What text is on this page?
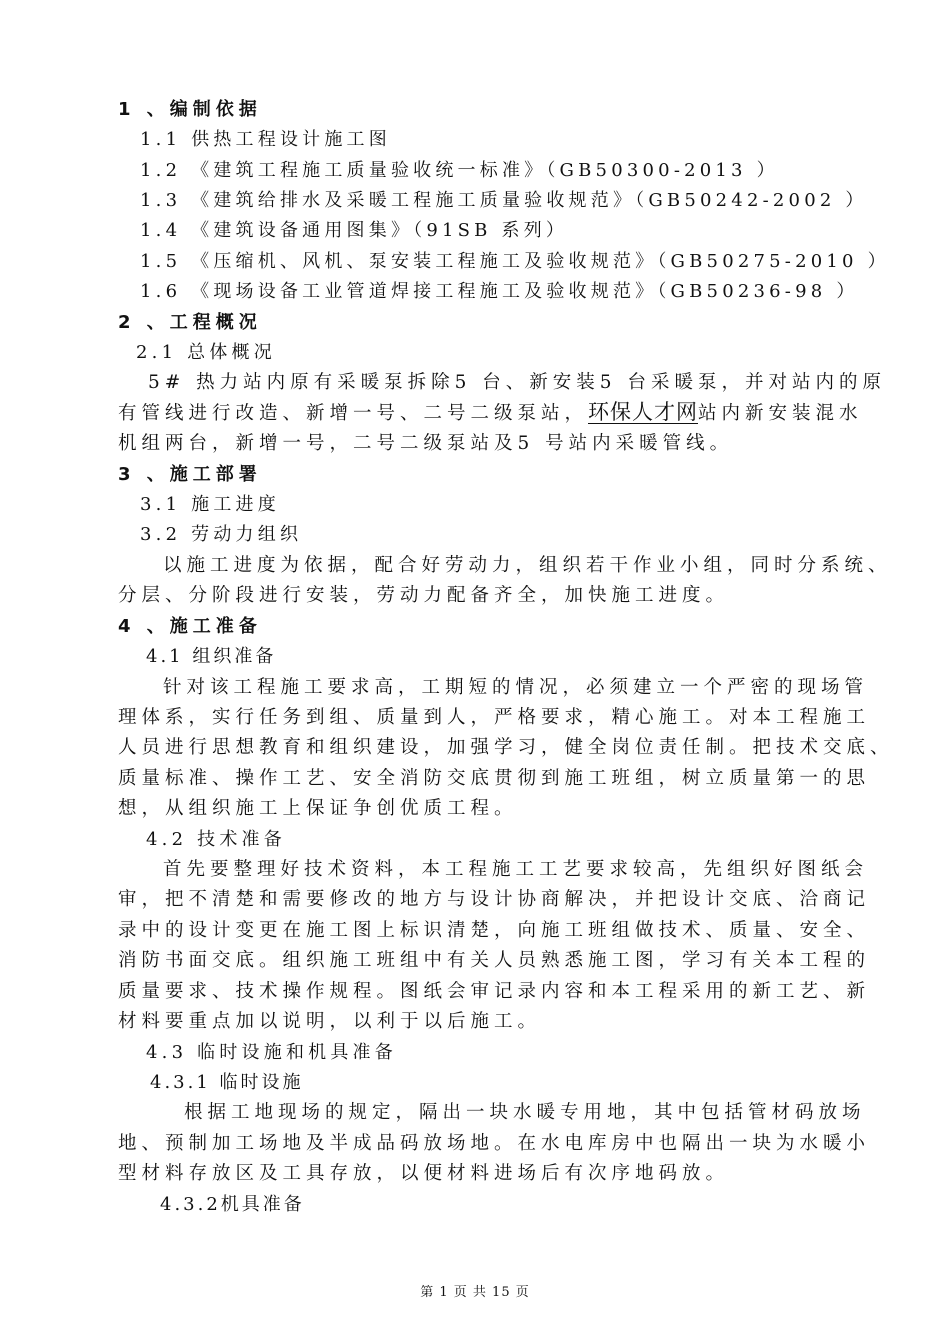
1 、编制依据
1.1 供热工程设计施工图
1.2 《建筑工程施工质量验收统一标准》（GB50300-2013 ）
1.3 《建筑给排水及采暖工程施工质量验收规范》（GB50242-2002 ）
1.4 《建筑设备通用图集》（91SB 系列）
1.5 《压缩机、风机、泵安装工程施工及验收规范》（GB50275-2010 ）
1.6 《现场设备工业管道焊接工程施工及验收规范》（GB50236-98 ）
2 、工程概况
2.1 总体概况
5# 热力站内原有采暖泵拆除5 台、新安装5 台采暖泵，并对站内的原
有管线进行改造、新增一号、二号二级泵站，环保人才网站内新安装混水
机组两台，新增一号，二号二级泵站及5 号站内采暖管线。
3 、施工部署
3.1 施工进度
3.2 劳动力组织
以施工进度为依据，配合好劳动力，组织若干作业小组，同时分系统、
分层、分阶段进行安装，劳动力配备齐全，加快施工进度。
4 、施工准备
4.1 组织准备
针对该工程施工要求高，工期短的情况，必须建立一个严密的现场管
理体系，实行任务到组、质量到人，严格要求，精心施工。对本工程施工
人员进行思想教育和组织建设，加强学习，健全岗位责任制。把技术交底、
质量标准、操作工艺、安全消防交底贯彻到施工班组，树立质量第一的思
想，从组织施工上保证争创优质工程。
4.2 技术准备
首先要整理好技术资料，本工程施工工艺要求较高，先组织好图纸会
审，把不清楚和需要修改的地方与设计协商解决，并把设计交底、洽商记
录中的设计变更在施工图上标识清楚，向施工班组做技术、质量、安全、
消防书面交底。组织施工班组中有关人员熟悉施工图，学习有关本工程的
质量要求、技术操作规程。图纸会审记录内容和本工程采用的新工艺、新
材料要重点加以说明，以利于以后施工。
4.3 临时设施和机具准备
4.3.1 临时设施
根据工地现场的规定，隔出一块水暖专用地，其中包括管材码放场
地、预制加工场地及半成品码放场地。在水电库房中也隔出一块为水暖小
型材料存放区及工具存放，以便材料进场后有次序地码放。
4.3.2机具准备
第 1 页 共 15 页
